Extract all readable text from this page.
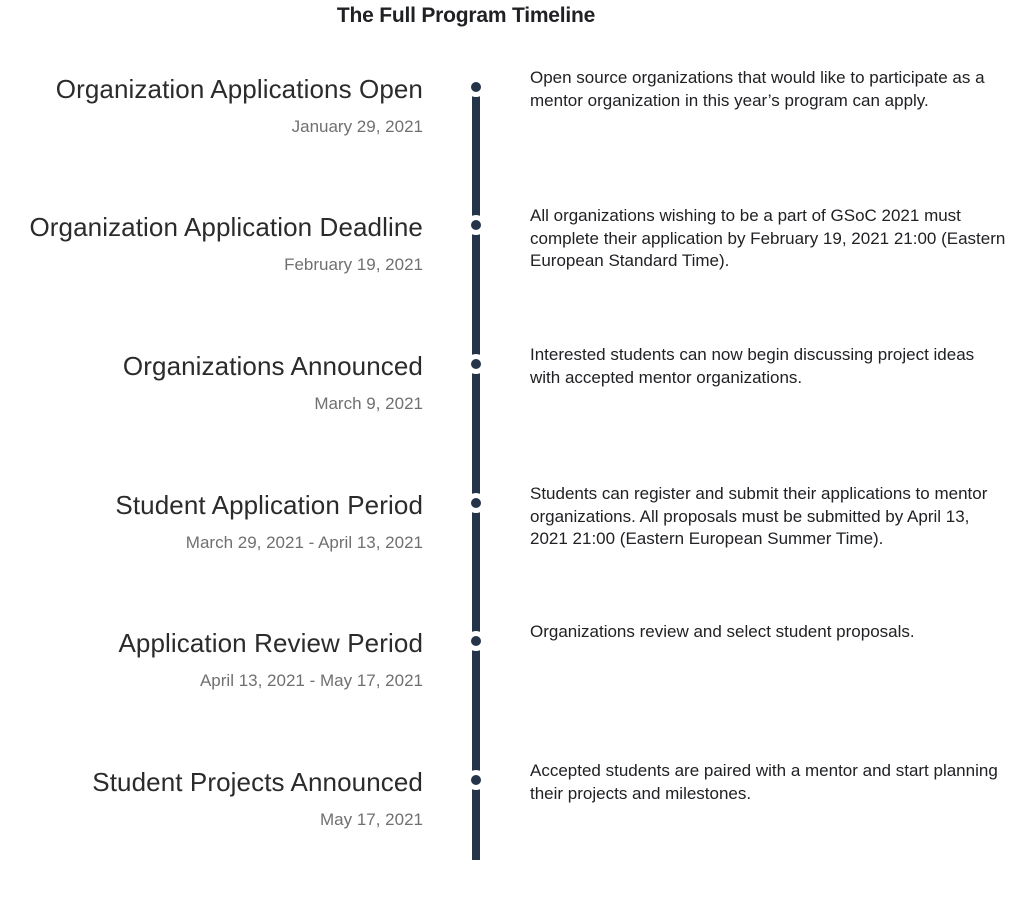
The Full Program Timeline
Organization Applications Open
January 29, 2021
Open source organizations that would like to participate as a mentor organization in this year’s program can apply.
Organization Application Deadline
February 19, 2021
All organizations wishing to be a part of GSoC 2021 must complete their application by February 19, 2021 21:00 (Eastern European Standard Time).
Organizations Announced
March 9, 2021
Interested students can now begin discussing project ideas with accepted mentor organizations.
Student Application Period
March 29, 2021 - April 13, 2021
Students can register and submit their applications to mentor organizations. All proposals must be submitted by April 13, 2021 21:00 (Eastern European Summer Time).
Application Review Period
April 13, 2021 - May 17, 2021
Organizations review and select student proposals.
Student Projects Announced
May 17, 2021
Accepted students are paired with a mentor and start planning their projects and milestones.
